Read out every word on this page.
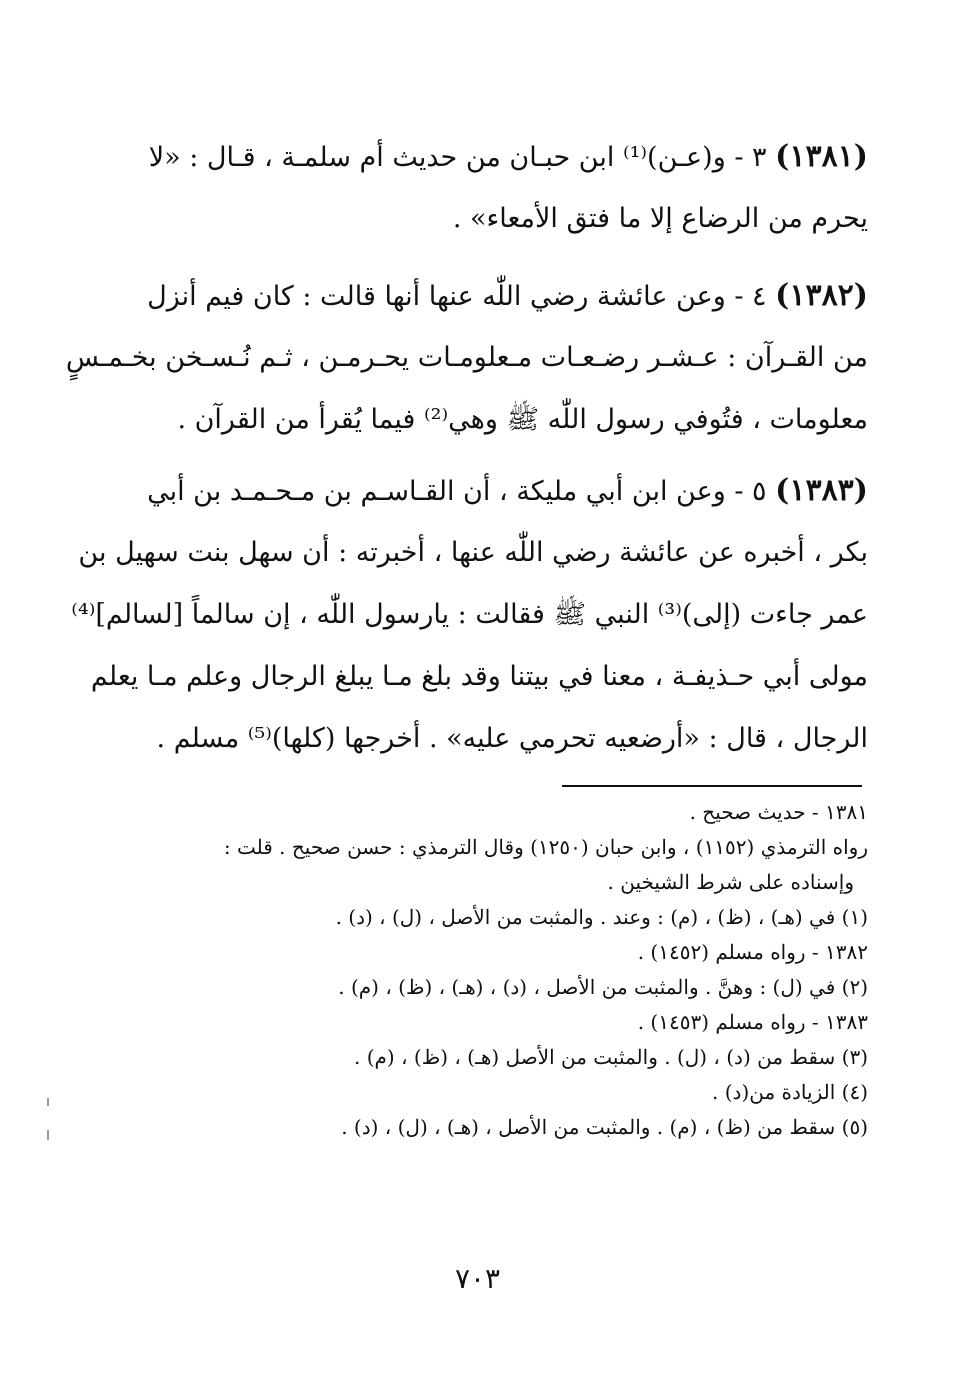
(١٣٨١) ٣ - و(عـن)⁽¹⁾ ابن حبـان من حديث أم سلمـة ، قـال : «لا
يحرم من الرضاع إلا ما فتق الأمعاء» .
(١٣٨٢) ٤ - وعن عائشة رضي اللّٰه عنها أنها قالت : كان فيم أنزل
من القـرآن : عـشـر رضـعـات مـعلومـات يحـرمـن ، ثـم نُـسـخن بخـمـسٍ
معلومات ، فتُوفي رسول اللّٰه ﷺ وهي⁽²⁾ فيما يُقرأ من القرآن .
(١٣٨٣) ٥ - وعن ابن أبي مليكة ، أن القـاسـم بن مـحـمـد بن أبي
بكر ، أخبره عن عائشة رضي اللّٰه عنها ، أخبرته : أن سهل بنت سهيل بن
عمر جاءت (إلى)⁽³⁾ النبي ﷺ فقالت : يارسول اللّٰه ، إن سالماً [لسالم]⁽⁴⁾
مولى أبي حـذيفـة ، معنا في بيتنا وقد بلغ مـا يبلغ الرجال وعلم مـا يعلم
الرجال ، قال : «أرضعيه تحرمي عليه» . أخرجها (كلها)⁽⁵⁾ مسلم .
١٣٨١ - حديث صحيح .
رواه الترمذي (١١٥٢) ، وابن حبان (١٢٥٠) وقال الترمذي : حسن صحيح . قلت :
وإسناده على شرط الشيخين .
(١) في (هـ) ، (ظ) ، (م) : وعند . والمثبت من الأصل ، (ل) ، (د) .
١٣٨٢ - رواه مسلم (١٤٥٢) .
(٢) في (ل) : وهنَّ . والمثبت من الأصل ، (د) ، (هـ) ، (ظ) ، (م) .
١٣٨٣ - رواه مسلم (١٤٥٣) .
(٣) سقط من (د) ، (ل) . والمثبت من الأصل (هـ) ، (ظ) ، (م) .
(٤) الزيادة من(د) .
(٥) سقط من (ظ) ، (م) . والمثبت من الأصل ، (هـ) ، (ل) ، (د) .
٧٠٣
